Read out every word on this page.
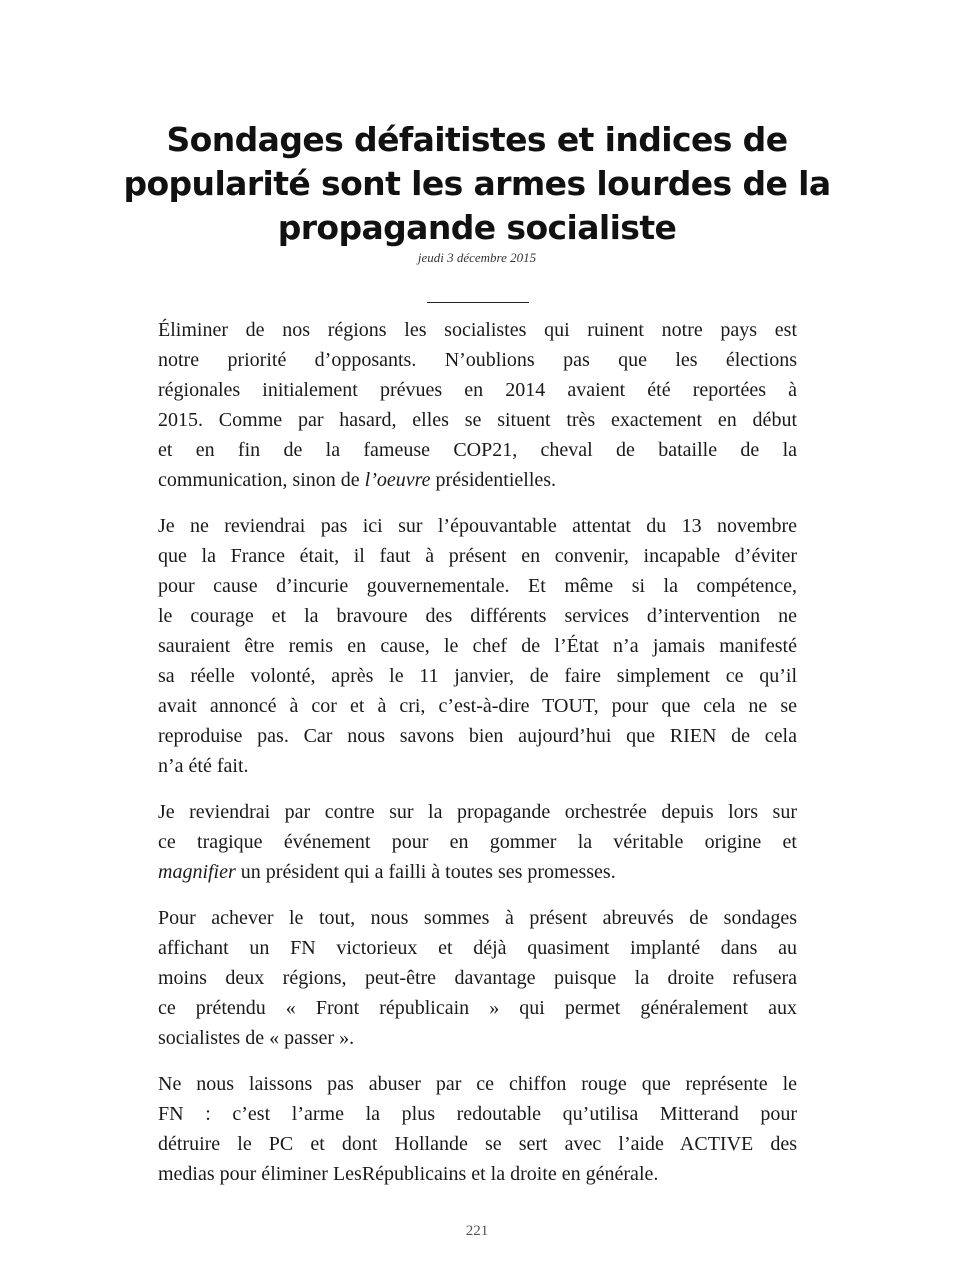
Sondages défaitistes et indices de
popularité sont les armes lourdes de la
propagande socialiste
jeudi 3 décembre 2015

Éliminer de nos régions les socialistes qui ruinent notre pays est
notre priorité d’opposants. N’oublions pas que les élections
régionales initialement prévues en 2014 avaient été reportées à
2015. Comme par hasard, elles se situent très exactement en début
et en fin de la fameuse COP21, cheval de bataille de la
communication, sinon de l’oeuvre présidentielles.

Je ne reviendrai pas ici sur l’épouvantable attentat du 13 novembre
que la France était, il faut à présent en convenir, incapable d’éviter
pour cause d’incurie gouvernementale. Et même si la compétence,
le courage et la bravoure des différents services d’intervention ne
sauraient être remis en cause, le chef de l’État n’a jamais manifesté
sa réelle volonté, après le 11 janvier, de faire simplement ce qu’il
avait annoncé à cor et à cri, c’est-à-dire TOUT, pour que cela ne se
reproduise pas. Car nous savons bien aujourd’hui que RIEN de cela
n’a été fait.

Je reviendrai par contre sur la propagande orchestrée depuis lors sur
ce tragique événement pour en gommer la véritable origine et
magnifier un président qui a failli à toutes ses promesses.

Pour achever le tout, nous sommes à présent abreuvés de sondages
affichant un FN victorieux et déjà quasiment implanté dans au
moins deux régions, peut-être davantage puisque la droite refusera
ce prétendu « Front républicain » qui permet généralement aux
socialistes de « passer ».

Ne nous laissons pas abuser par ce chiffon rouge que représente le
FN : c’est l’arme la plus redoutable qu’utilisa Mitterand pour
détruire le PC et dont Hollande se sert avec l’aide ACTIVE des
medias pour éliminer LesRépublicains et la droite en générale.

221
